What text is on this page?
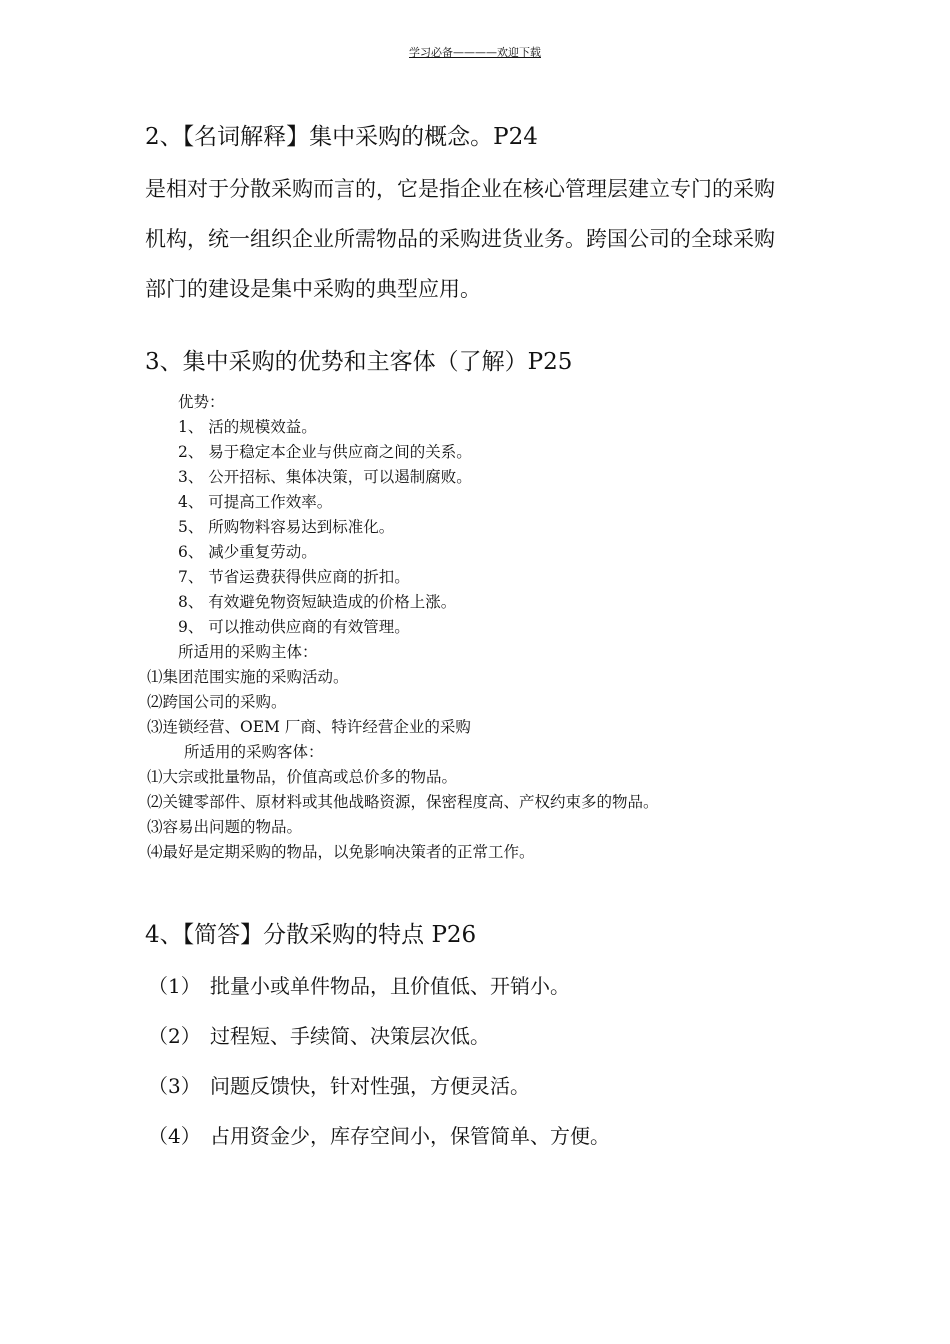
学习必备————欢迎下载
2、【名词解释】集中采购的概念。P24
是相对于分散采购而言的，它是指企业在核心管理层建立专门的采购
机构，统一组织企业所需物品的采购进货业务。跨国公司的全球采购
部门的建设是集中采购的典型应用。
3、集中采购的优势和主客体（了解）P25
优势：
1、 活的规模效益。
2、 易于稳定本企业与供应商之间的关系。
3、 公开招标、集体决策，可以遏制腐败。
4、 可提高工作效率。
5、 所购物料容易达到标准化。
6、 减少重复劳动。
7、 节省运费获得供应商的折扣。
8、 有效避免物资短缺造成的价格上涨。
9、 可以推动供应商的有效管理。
所适用的采购主体：
⑴集团范围实施的采购活动。
⑵跨国公司的采购。
⑶连锁经营、OEM 厂商、特许经营企业的采购
所适用的采购客体：
⑴大宗或批量物品，价值高或总价多的物品。
⑵关键零部件、原材料或其他战略资源，保密程度高、产权约束多的物品。
⑶容易出问题的物品。
⑷最好是定期采购的物品，以免影响决策者的正常工作。
4、【简答】分散采购的特点 P26
（1） 批量小或单件物品，且价值低、开销小。
（2） 过程短、手续简、决策层次低。
（3） 问题反馈快，针对性强，方便灵活。
（4） 占用资金少，库存空间小，保管简单、方便。
